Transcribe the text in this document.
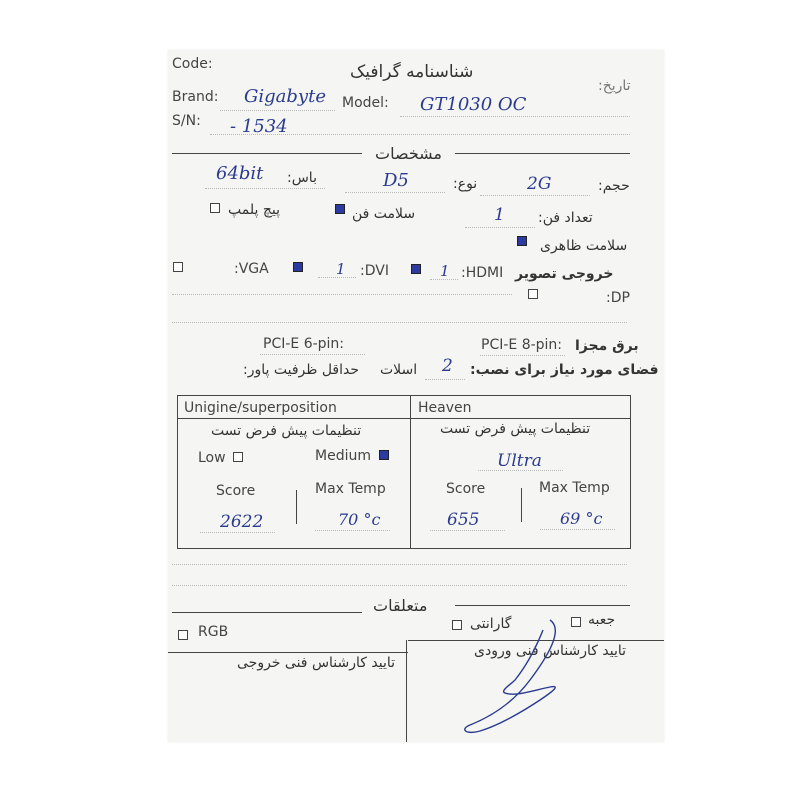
Code:	شناسنامه گرافیک
تاریخ:
Brand: Gigabyte Model: GT1030 OC
S/N: - 1534
مشخصات
64bit باس:	D5	نوع:	2G	حجم:
پیچ پلمپ	سلامت فن	1 تعداد فن:
سلامت ظاهری
:VGA	1 :DVI	1 :HDMI خروجی تصویر
:DP
PCI-E 6-pin:	PCI-E 8-pin: برق مجزا
حداقل ظرفیت پاور: اسلات 2 فضای مورد نیاز برای نصب:
Unigine/superposition
تنظیمات پیش فرض تست
Low	Medium
Score	Max Temp
2622	70 °c
Heaven
تنظیمات پیش فرض تست
Ultra
Score	Max Temp
655	69 °c
متعلقات
RGB	گارانتی	جعبه
تایید کارشناس فنی خروجی
تایید کارشناس فنی ورودی
